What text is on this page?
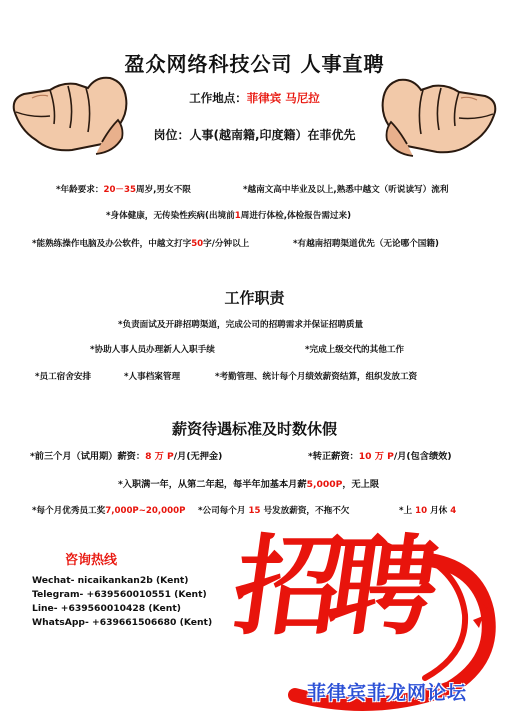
盈众网络科技公司 人事直聘
工作地点：菲律宾 马尼拉
岗位：人事(越南籍,印度籍）在菲优先
*年龄要求：20－35周岁,男女不限	*越南文高中毕业及以上,熟悉中越文（听说读写）流利
*身体健康，无传染性疾病(出境前1周进行体检,体检报告需过来)
*能熟练操作电脑及办公软件，中越文打字50字/分钟以上	*有越南招聘渠道优先（无论哪个国籍)
工作职责
*负责面试及开辟招聘渠道，完成公司的招聘需求并保证招聘质量
*协助人事人员办理新人入职手续	*完成上级交代的其他工作
*员工宿舍安排	*人事档案管理	*考勤管理、统计每个月绩效薪资结算，组织发放工资
薪资待遇标准及时数休假
*前三个月（试用期）薪资：8 万 P/月(无押金)	*转正薪资：10 万 P/月(包含绩效)
*入职满一年，从第二年起，每半年加基本月薪5,000P，无上限
*每个月优秀员工奖7,000P~20,000P *公司每个月 15 号发放薪资，不拖不欠	*上 10 月休 4
招聘
咨询热线
Wechat- nicaikankan2b (Kent)
Telegram- +639560010551 (Kent)
Line- +639560010428 (Kent)
WhatsApp- +639661506680 (Kent)
菲律宾菲龙网论坛
